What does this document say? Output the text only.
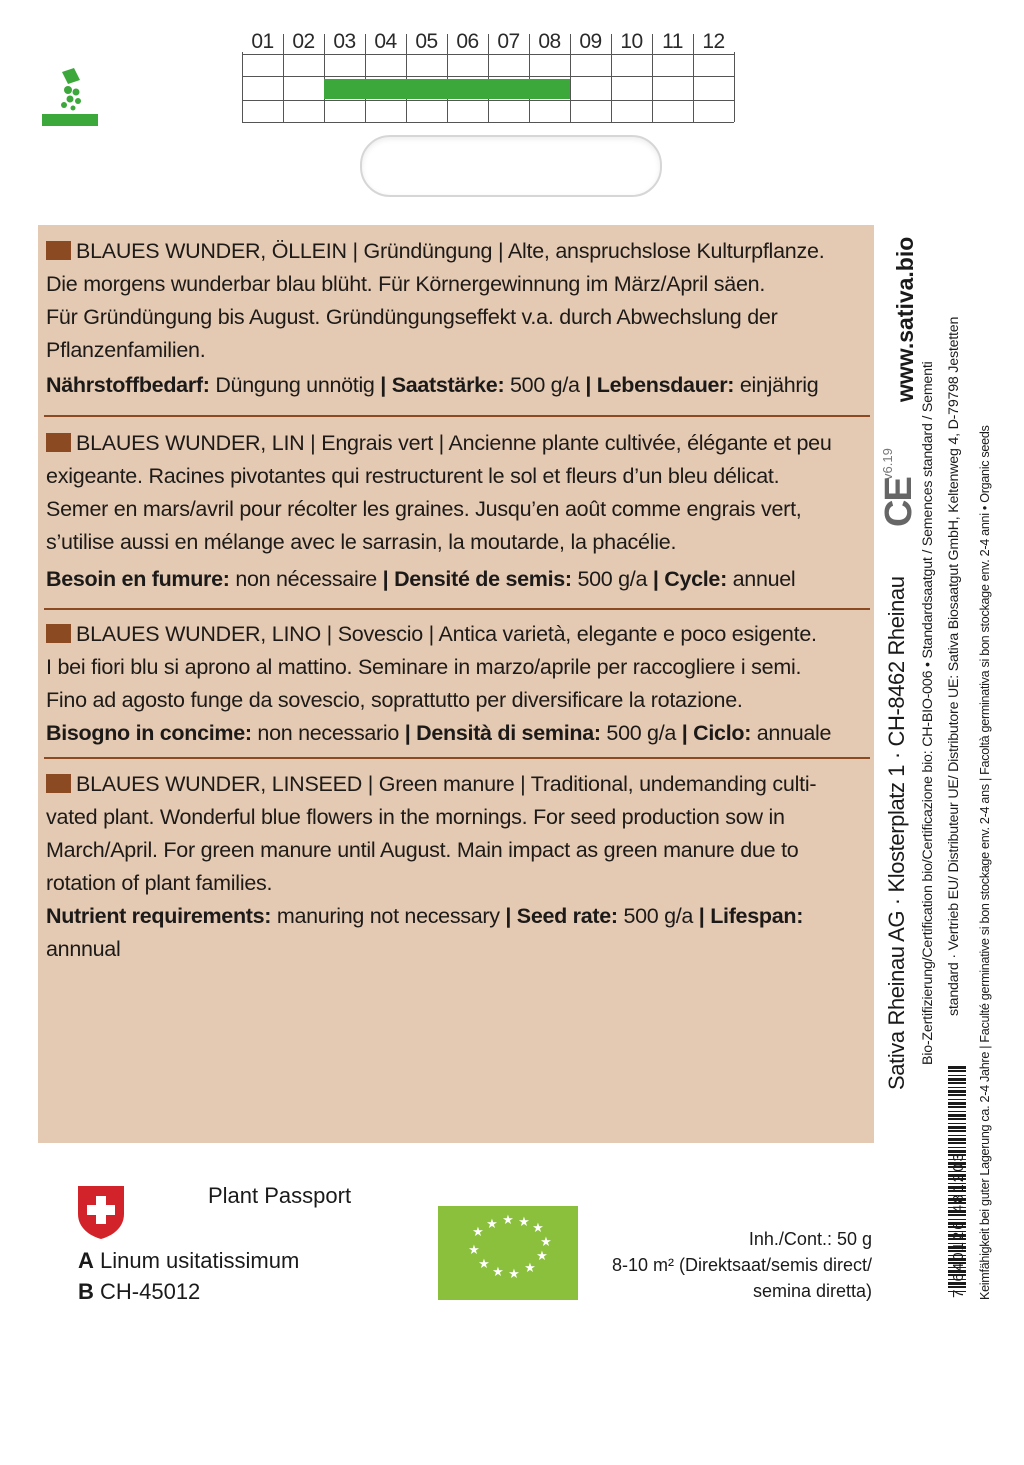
01 02 03 04 05 06 07 08 09 10 11 12

BLAUES WUNDER, ÖLLEIN | Gründüngung | Alte, anspruchslose Kulturpflanze.
Die morgens wunderbar blau blüht. Für Körnergewinnung im März/April säen.
Für Gründüngung bis August. Gründüngungseffekt v.a. durch Abwechslung der
Pflanzenfamilien.

Nährstoffbedarf: Düngung unnötig | Saatstärke: 500 g/a | Lebensdauer: einjährig

BLAUES WUNDER, LIN | Engrais vert | Ancienne plante cultivée, élégante et peu
exigeante. Racines pivotantes qui restructurent le sol et fleurs d’un bleu délicat.
Semer en mars/avril pour récolter les graines. Jusqu’en août comme engrais vert,
s’utilise aussi en mélange avec le sarrasin, la moutarde, la phacélie.

Besoin en fumure: non nécessaire | Densité de semis: 500 g/a | Cycle: annuel

BLAUES WUNDER, LINO | Sovescio | Antica varietà, elegante e poco esigente.
I bei fiori blu si aprono al mattino. Seminare in marzo/aprile per raccogliere i semi.
Fino ad agosto funge da sovescio, soprattutto per diversificare la rotazione.

Bisogno in concime: non necessario | Densità di semina: 500 g/a | Ciclo: annuale

BLAUES WUNDER, LINSEED | Green manure | Traditional, undemanding culti-
vated plant. Wonderful blue flowers in the mornings. For seed production sow in
March/April. For green manure until August. Main impact as green manure due to
rotation of plant families.

Nutrient requirements: manuring not necessary | Seed rate: 500 g/a | Lifespan: annnual

www.sativa.bio
v6.19
CE
Sativa Rheinau AG · Klosterplatz 1 · CH-8462 Rheinau Bio-Zertifizierung/Certification bio/Certificazione bio: CH-BIO-006 • Standardsaatgut / Semences standard / Sementi standard · Vertrieb EU/ Distributeur UE/ Distributore UE: Sativa Biosaatgut GmbH, Keltenweg 4, D-79798 Jestetten Keimfähigkeit bei guter Lagerung ca. 2-4 Jahre | Faculté germinative si bon stockage env. 2-4 ans | Facoltà germinativa si bon stockage env. 2-4 anni • Organic seeds
7 640126 481203
Plant Passport
A Linum usitatissimum
B CH-45012
★
★ ★ ★ ★
★
★
★ ★ ★
★
★	Inh./Cont.: 50 g
8-10 m² (Direktsaat/semis direct/
semina diretta)
